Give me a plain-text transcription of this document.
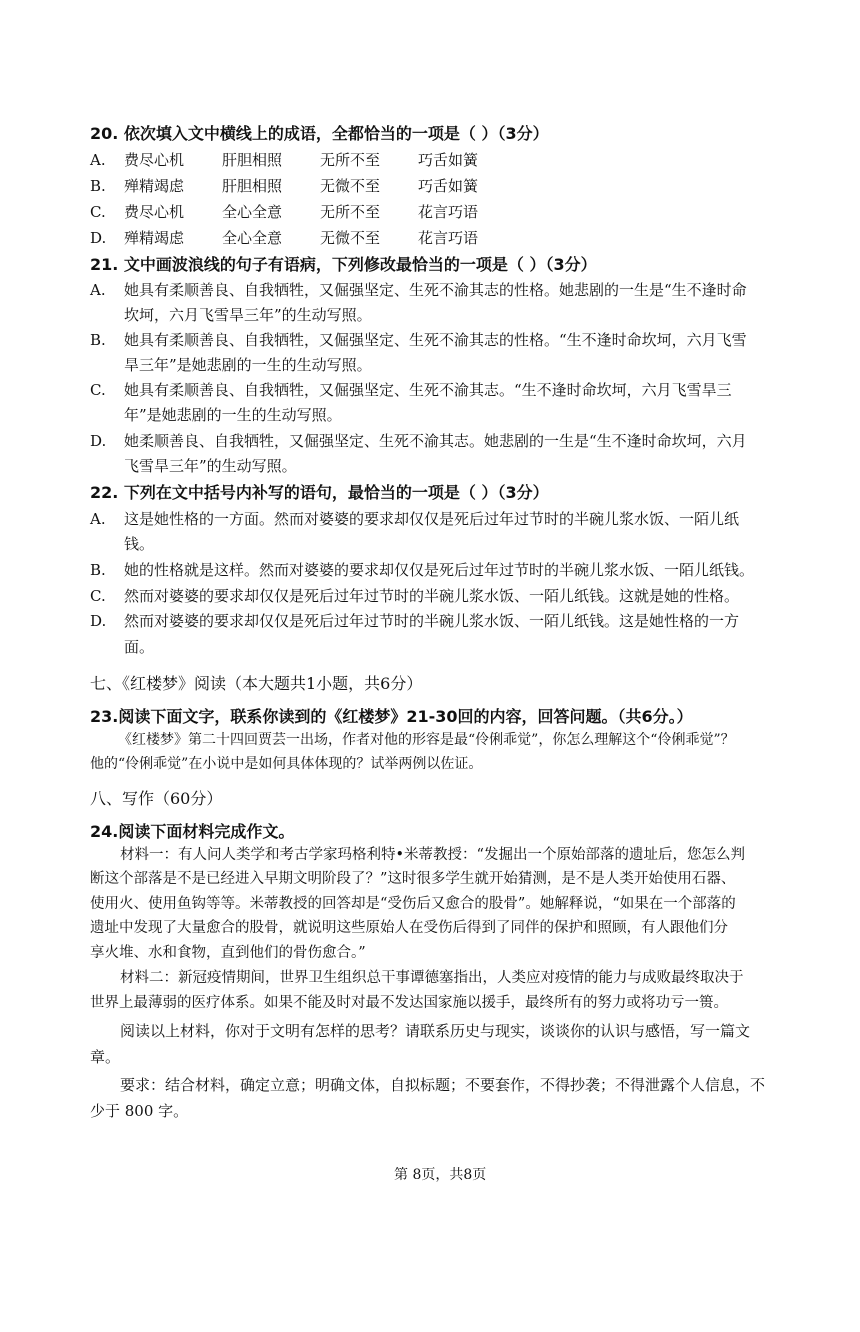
20. 依次填入文中横线上的成语，全都恰当的一项是（ ）（3分）
A. 费尽心机	肝胆相照	无所不至	巧舌如簧
B. 殚精竭虑	肝胆相照	无微不至	巧舌如簧
C. 费尽心机	全心全意	无所不至	花言巧语
D. 殚精竭虑	全心全意	无微不至	花言巧语
21. 文中画波浪线的句子有语病，下列修改最恰当的一项是（ ）（3分）
A. 她具有柔顺善良、自我牺牲，又倔强坚定、生死不渝其志的性格。她悲剧的一生是“生不逢时命
坎坷，六月飞雪旱三年”的生动写照。
B. 她具有柔顺善良、自我牺牲，又倔强坚定、生死不渝其志的性格。“生不逢时命坎坷，六月飞雪
旱三年”是她悲剧的一生的生动写照。
C. 她具有柔顺善良、自我牺牲，又倔强坚定、生死不渝其志。“生不逢时命坎坷，六月飞雪旱三
年”是她悲剧的一生的生动写照。
D. 她柔顺善良、自我牺牲，又倔强坚定、生死不渝其志。她悲剧的一生是“生不逢时命坎坷，六月
飞雪旱三年”的生动写照。
22. 下列在文中括号内补写的语句，最恰当的一项是（ ）（3分）
A. 这是她性格的一方面。然而对婆婆的要求却仅仅是死后过年过节时的半碗儿浆水饭、一陌儿纸
钱。
B. 她的性格就是这样。然而对婆婆的要求却仅仅是死后过年过节时的半碗儿浆水饭、一陌儿纸钱。
C. 然而对婆婆的要求却仅仅是死后过年过节时的半碗儿浆水饭、一陌儿纸钱。这就是她的性格。
D. 然而对婆婆的要求却仅仅是死后过年过节时的半碗儿浆水饭、一陌儿纸钱。这是她性格的一方
面。
七、《红楼梦》阅读（本大题共1小题，共6分）
23.阅读下面文字，联系你读到的《红楼梦》21-30回的内容，回答问题。（共6分。）
《红楼梦》第二十四回贾芸一出场，作者对他的形容是最“伶俐乖觉”，你怎么理解这个“伶俐乖觉”？
他的“伶俐乖觉”在小说中是如何具体体现的？试举两例以佐证。
八、写作（60分）
24.阅读下面材料完成作文。
材料一：有人问人类学和考古学家玛格利特•米蒂教授：“发掘出一个原始部落的遗址后，您怎么判
断这个部落是不是已经进入早期文明阶段了？”这时很多学生就开始猜测，是不是人类开始使用石器、
使用火、使用鱼钩等等。米蒂教授的回答却是“受伤后又愈合的股骨”。她解释说，“如果在一个部落的
遗址中发现了大量愈合的股骨，就说明这些原始人在受伤后得到了同伴的保护和照顾，有人跟他们分
享火堆、水和食物，直到他们的骨伤愈合。”
材料二：新冠疫情期间，世界卫生组织总干事谭德塞指出，人类应对疫情的能力与成败最终取决于
世界上最薄弱的医疗体系。如果不能及时对最不发达国家施以援手，最终所有的努力或将功亏一篑。
阅读以上材料，你对于文明有怎样的思考？请联系历史与现实，谈谈你的认识与感悟，写一篇文
章。
要求：结合材料，确定立意；明确文体，自拟标题；不要套作，不得抄袭；不得泄露个人信息，不
少于 800 字。
第 8页，共8页
